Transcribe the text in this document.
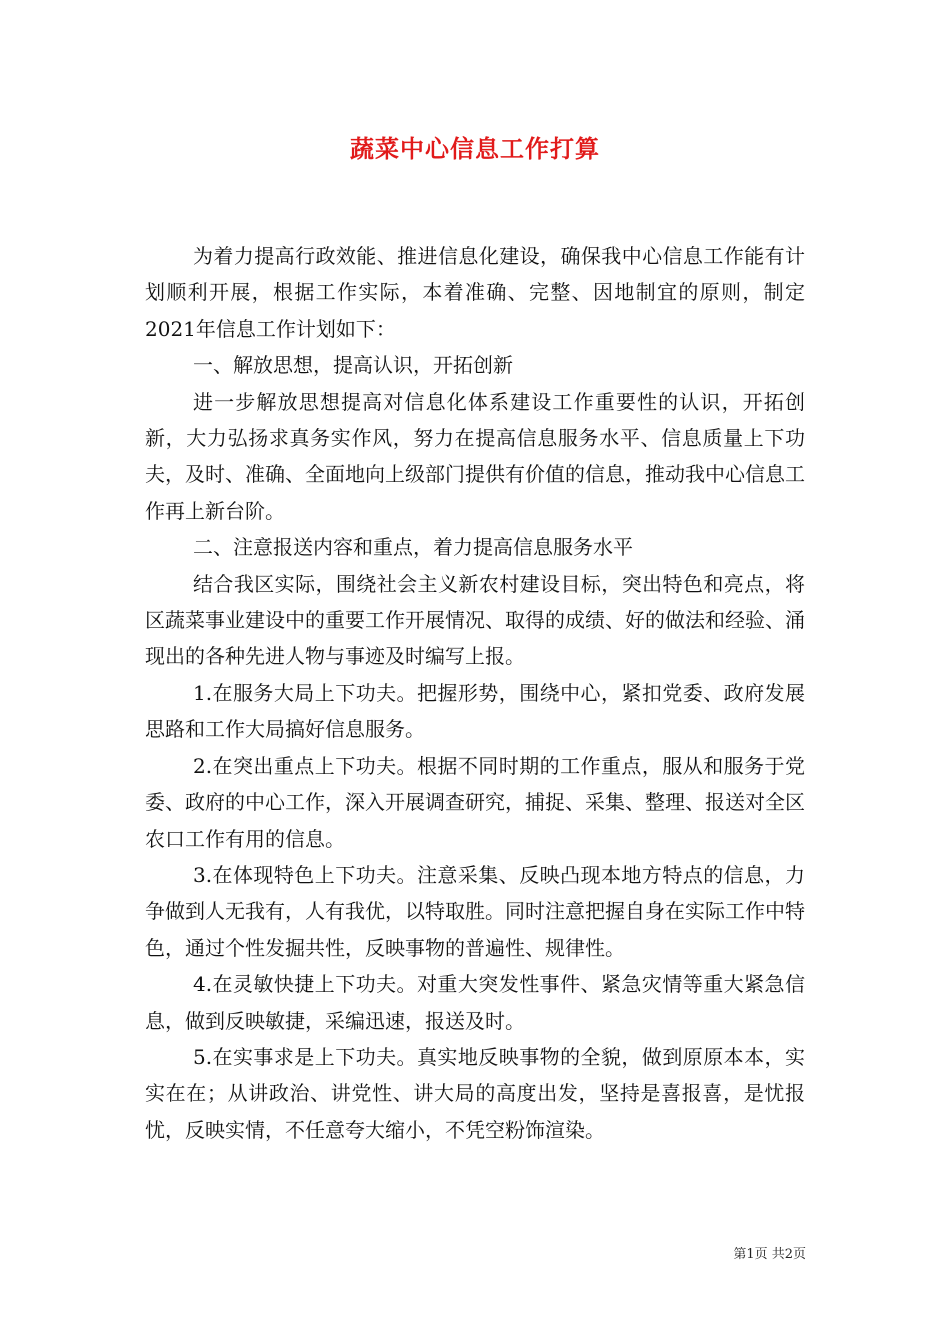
蔬菜中心信息工作打算

为着力提高行政效能、推进信息化建设，确保我中心信息工作能有计划顺利开展，根据工作实际，本着准确、完整、因地制宜的原则，制定2021年信息工作计划如下：

一、解放思想，提高认识，开拓创新

进一步解放思想提高对信息化体系建设工作重要性的认识，开拓创新，大力弘扬求真务实作风，努力在提高信息服务水平、信息质量上下功夫，及时、准确、全面地向上级部门提供有价值的信息，推动我中心信息工作再上新台阶。

二、注意报送内容和重点，着力提高信息服务水平

结合我区实际，围绕社会主义新农村建设目标，突出特色和亮点，将区蔬菜事业建设中的重要工作开展情况、取得的成绩、好的做法和经验、涌现出的各种先进人物与事迹及时编写上报。

1.在服务大局上下功夫。把握形势，围绕中心，紧扣党委、政府发展思路和工作大局搞好信息服务。

2.在突出重点上下功夫。根据不同时期的工作重点，服从和服务于党委、政府的中心工作，深入开展调查研究，捕捉、采集、整理、报送对全区农口工作有用的信息。

3.在体现特色上下功夫。注意采集、反映凸现本地方特点的信息，力争做到人无我有，人有我优，以特取胜。同时注意把握自身在实际工作中特色，通过个性发掘共性，反映事物的普遍性、规律性。

4.在灵敏快捷上下功夫。对重大突发性事件、紧急灾情等重大紧急信息，做到反映敏捷，采编迅速，报送及时。

5.在实事求是上下功夫。真实地反映事物的全貌，做到原原本本，实实在在；从讲政治、讲党性、讲大局的高度出发，坚持是喜报喜，是忧报忧，反映实情，不任意夸大缩小，不凭空粉饰渲染。

第1页 共2页
